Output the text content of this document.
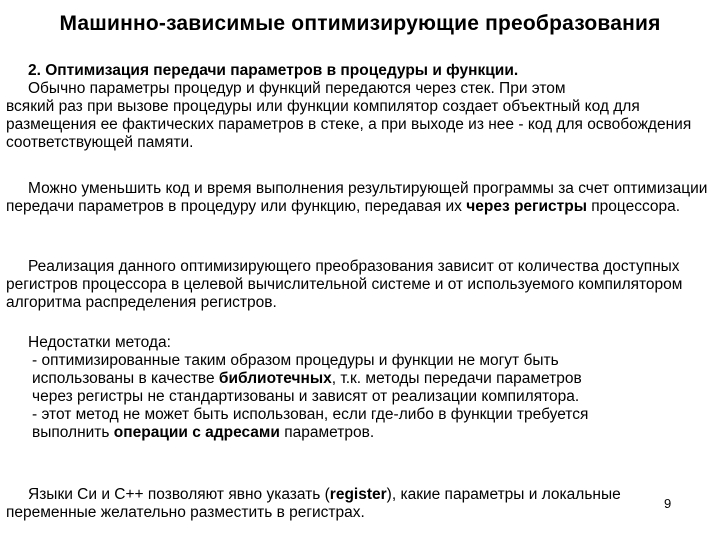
Машинно-зависимые оптимизирующие преобразования

2. Оптимизация передачи параметров в процедуры и функции.
Обычно параметры процедур и функций передаются через стек. При этом
всякий раз при вызове процедуры или функции компилятор создает объектный код для размещения ее фактических параметров в стеке, а при выходе из нее - код для освобождения соответствующей памяти.

Можно уменьшить код и время выполнения результирующей программы за счет оптимизации передачи параметров в процедуру или функцию, передавая их через регистры процессора.

Реализация данного оптимизирующего преобразования зависит от количества доступных регистров процессора в целевой вычислительной системе и от используемого компилятором алгоритма распределения регистров.

Недостатки метода:

- оптимизированные таким образом процедуры и функции не могут быть
использованы в качестве библиотечных, т.к. методы передачи параметров
через регистры не стандартизованы и зависят от реализации компилятора.
- этот метод не может быть использован, если где-либо в функции требуется
выполнить операции с адресами параметров.

Языки Си и С++ позволяют явно указать (register), какие параметры и локальные переменные желательно разместить в регистрах.

9
